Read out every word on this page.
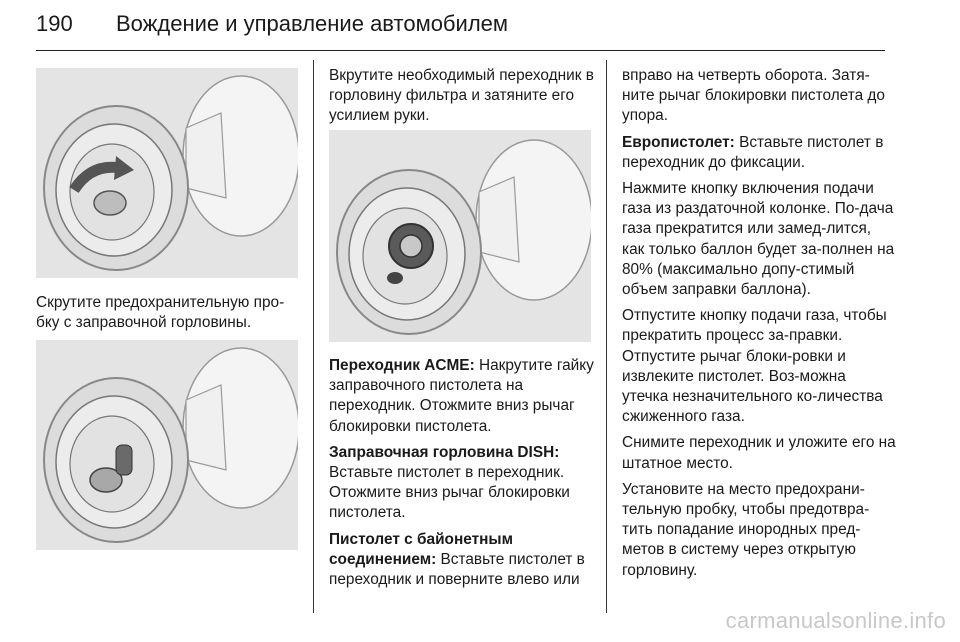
190 Вождение и управление автомобилем

Скрутите предохранительную про-бку с заправочной горловины.

Вкрутите необходимый переходник в горловину фильтра и затяните его усилием руки.

Переходник ACME: Накрутите гайку заправочного пистолета на переходник. Отожмите вниз рычаг блокировки пистолета.

Заправочная горловина DISH: Вставьте пистолет в переходник. Отожмите вниз рычаг блокировки пистолета.

Пистолет с байонетным соединением: Вставьте пистолет в переходник и поверните влево или

вправо на четверть оборота. Затя-ните рычаг блокировки пистолета до упора.

Европистолет: Вставьте пистолет в переходник до фиксации.

Нажмите кнопку включения подачи газа из раздаточной колонке. По-дача газа прекратится или замед-лится, как только баллон будет за-полнен на 80% (максимально допу-стимый объем заправки баллона).

Отпустите кнопку подачи газа, чтобы прекратить процесс за-правки. Отпустите рычаг блоки-ровки и извлеките пистолет. Воз-можна утечка незначительного ко-личества сжиженного газа.

Снимите переходник и уложите его на штатное место.

Установите на место предохрани-тельную пробку, чтобы предотвра-тить попадание инородных пред-метов в систему через открытую горловину.

carmanualsonline.info
